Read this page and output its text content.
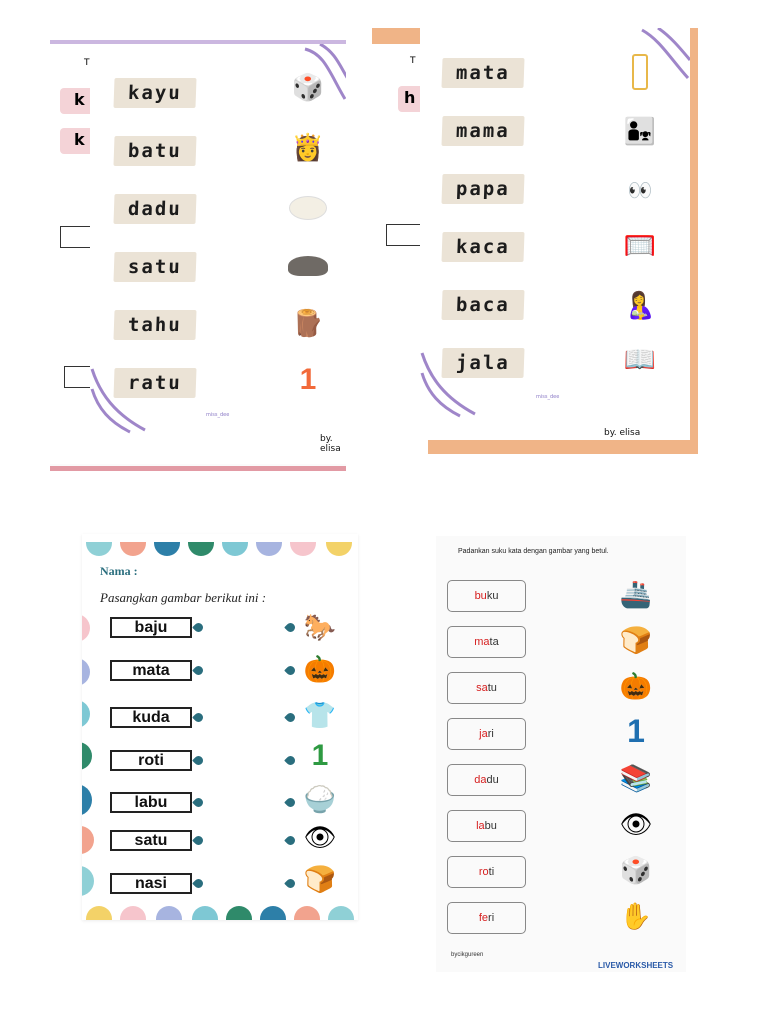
T
k
k
kayu
batu
dadu
satu
tahu
ratu
🎲
👸
🪵
1
miss_dee
by. elisa
T
h
mata
mama
papa
kaca
baca
jala
👨‍👧
👀
🥅
🤱
📖
miss_dee
by. elisa
Nama :
Pasangkan gambar berikut ini :
baju
mata
kuda
roti
labu
satu
nasi
🐎
🎃
👕
1
🍚
👁
🍞
Padankan suku kata dengan gambar yang betul.
buku
mata
satu
jari
dadu
labu
roti
feri
🚢
🍞
🎃
1
📚
👁
🎲
✋
bycikgureen
LIVEWORKSHEETS
